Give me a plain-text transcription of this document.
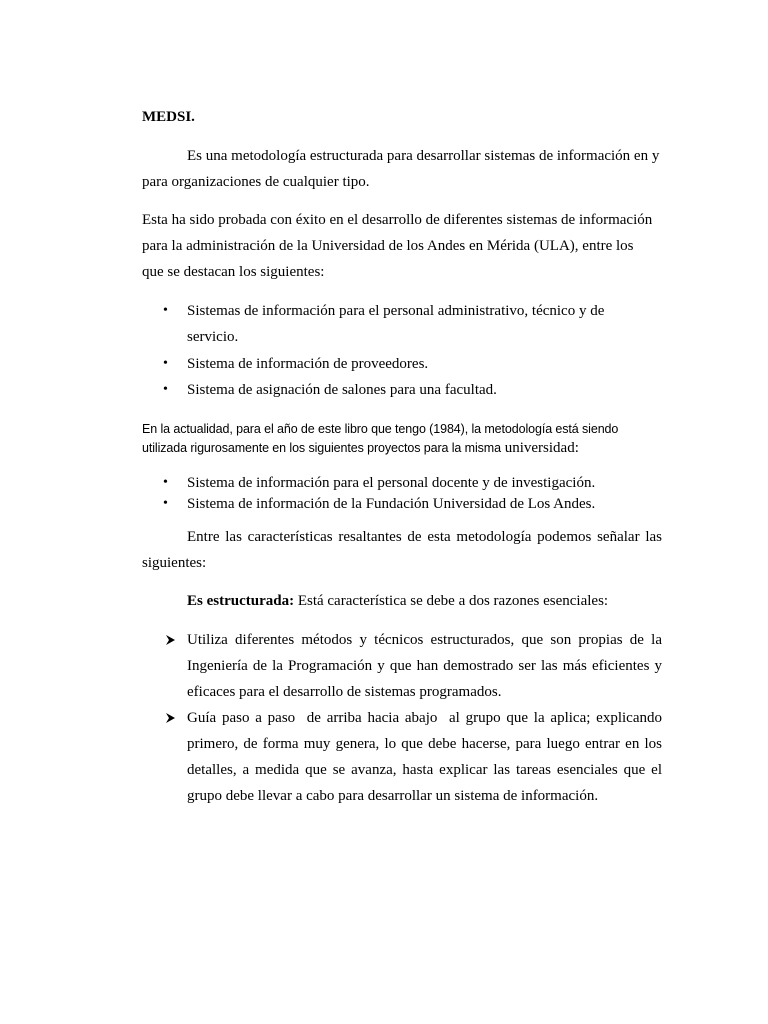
MEDSI.
Es una metodología estructurada para desarrollar sistemas de información en y
para organizaciones de cualquier tipo.
Esta ha sido probada con éxito en el desarrollo de diferentes sistemas de información
para la administración de la Universidad de los Andes en Mérida (ULA), entre los
que se destacan los siguientes:
• Sistemas de información para el personal administrativo, técnico y de
servicio.
• Sistema de información de proveedores.
• Sistema de asignación de salones para una facultad.
En la actualidad, para el año de este libro que tengo (1984), la metodología está siendo
utilizada rigurosamente en los siguientes proyectos para la misma universidad:
• Sistema de información para el personal docente y de investigación.
• Sistema de información de la Fundación Universidad de Los Andes.
Entre las características resaltantes de esta metodología podemos señalar las
siguientes:
Es estructurada: Está característica se debe a dos razones esenciales:
Utiliza diferentes métodos y técnicos estructurados, que son propias de la
Ingeniería de la Programación y que han demostrado ser las más eficientes y
eficaces para el desarrollo de sistemas programados.
Guía paso a paso  de arriba hacia abajo  al grupo que la aplica; explicando
primero, de forma muy genera, lo que debe hacerse, para luego entrar en los
detalles, a medida que se avanza, hasta explicar las tareas esenciales que el
grupo debe llevar a cabo para desarrollar un sistema de información.
